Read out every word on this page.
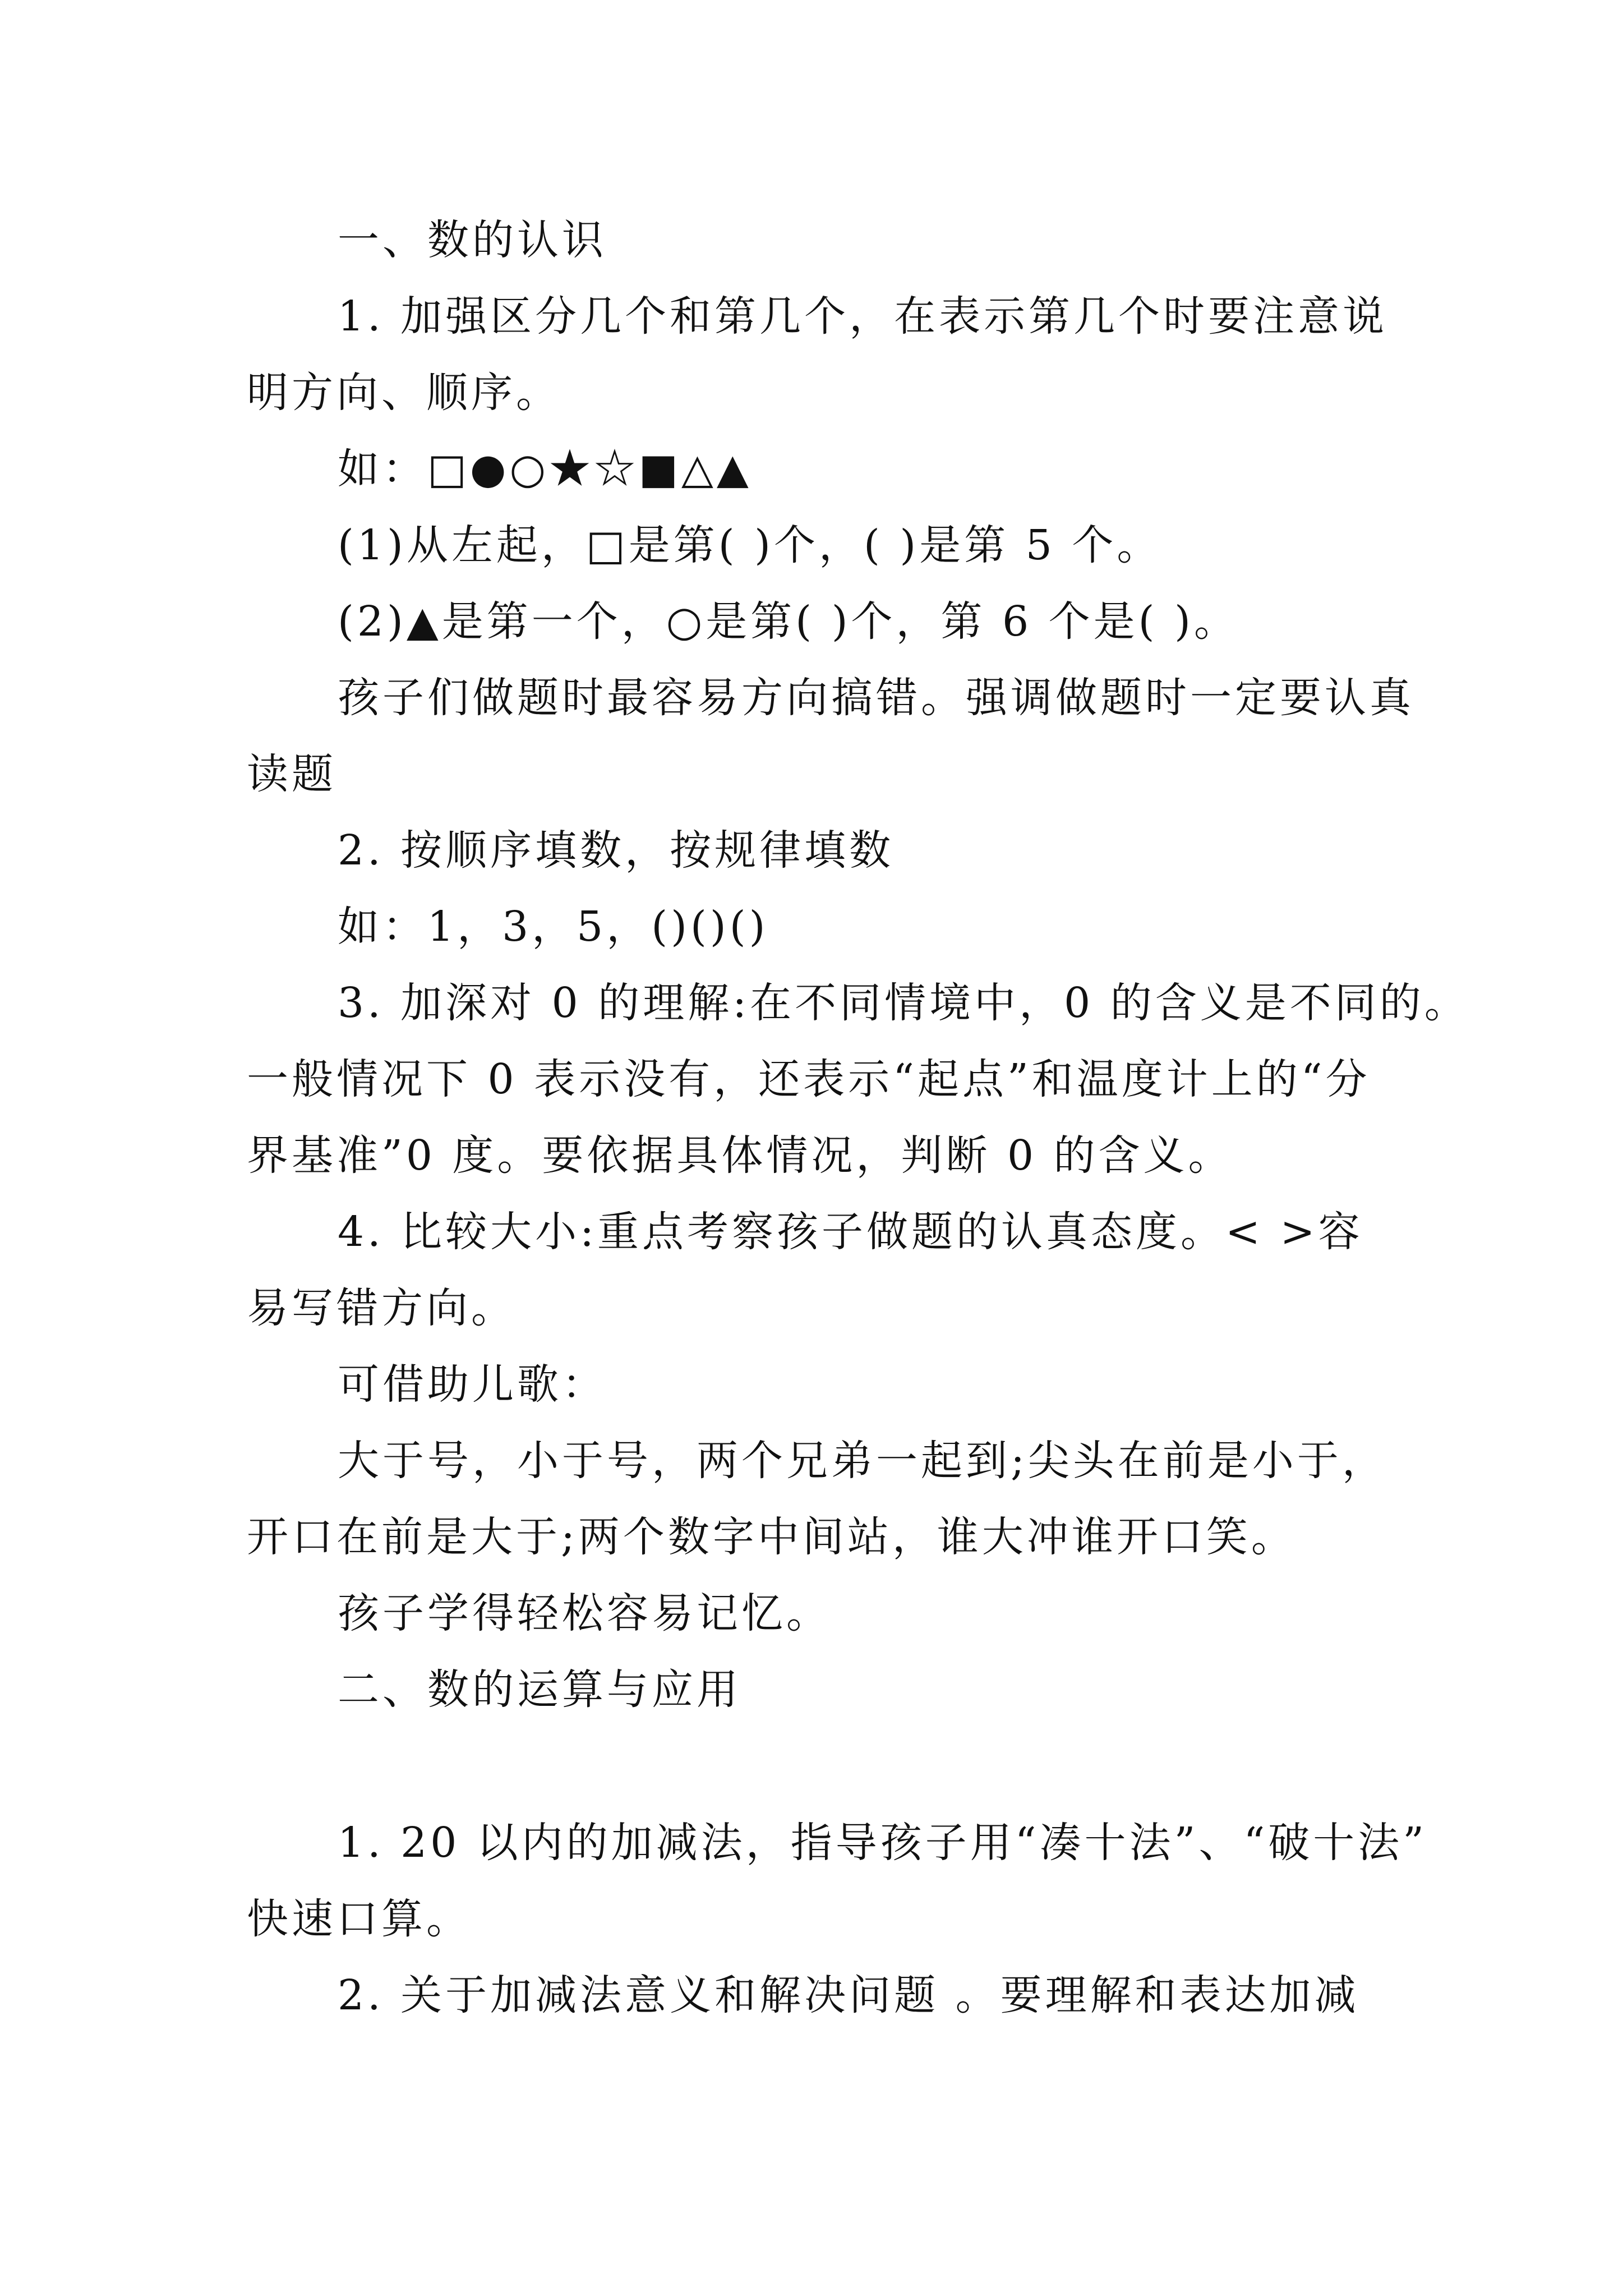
一、数的认识
1. 加强区分几个和第几个，在表示第几个时要注意说
明方向、顺序。
如：□●○★☆■△▲
(1)从左起，□是第( )个，( )是第 5 个。
(2)▲是第一个，○是第( )个，第 6 个是( )。
孩子们做题时最容易方向搞错。强调做题时一定要认真
读题
2. 按顺序填数，按规律填数
如：1，3，5，()()()
3. 加深对 0 的理解:在不同情境中，0 的含义是不同的。
一般情况下 0 表示没有，还表示“起点”和温度计上的“分
界基准”0 度。要依据具体情况，判断 0 的含义。
4. 比较大小:重点考察孩子做题的认真态度。< >容
易写错方向。
可借助儿歌：
大于号，小于号，两个兄弟一起到;尖头在前是小于，
开口在前是大于;两个数字中间站，谁大冲谁开口笑。
孩子学得轻松容易记忆。
二、数的运算与应用
1. 20 以内的加减法，指导孩子用“凑十法”、“破十法”
快速口算。
2. 关于加减法意义和解决问题 。要理解和表达加减
